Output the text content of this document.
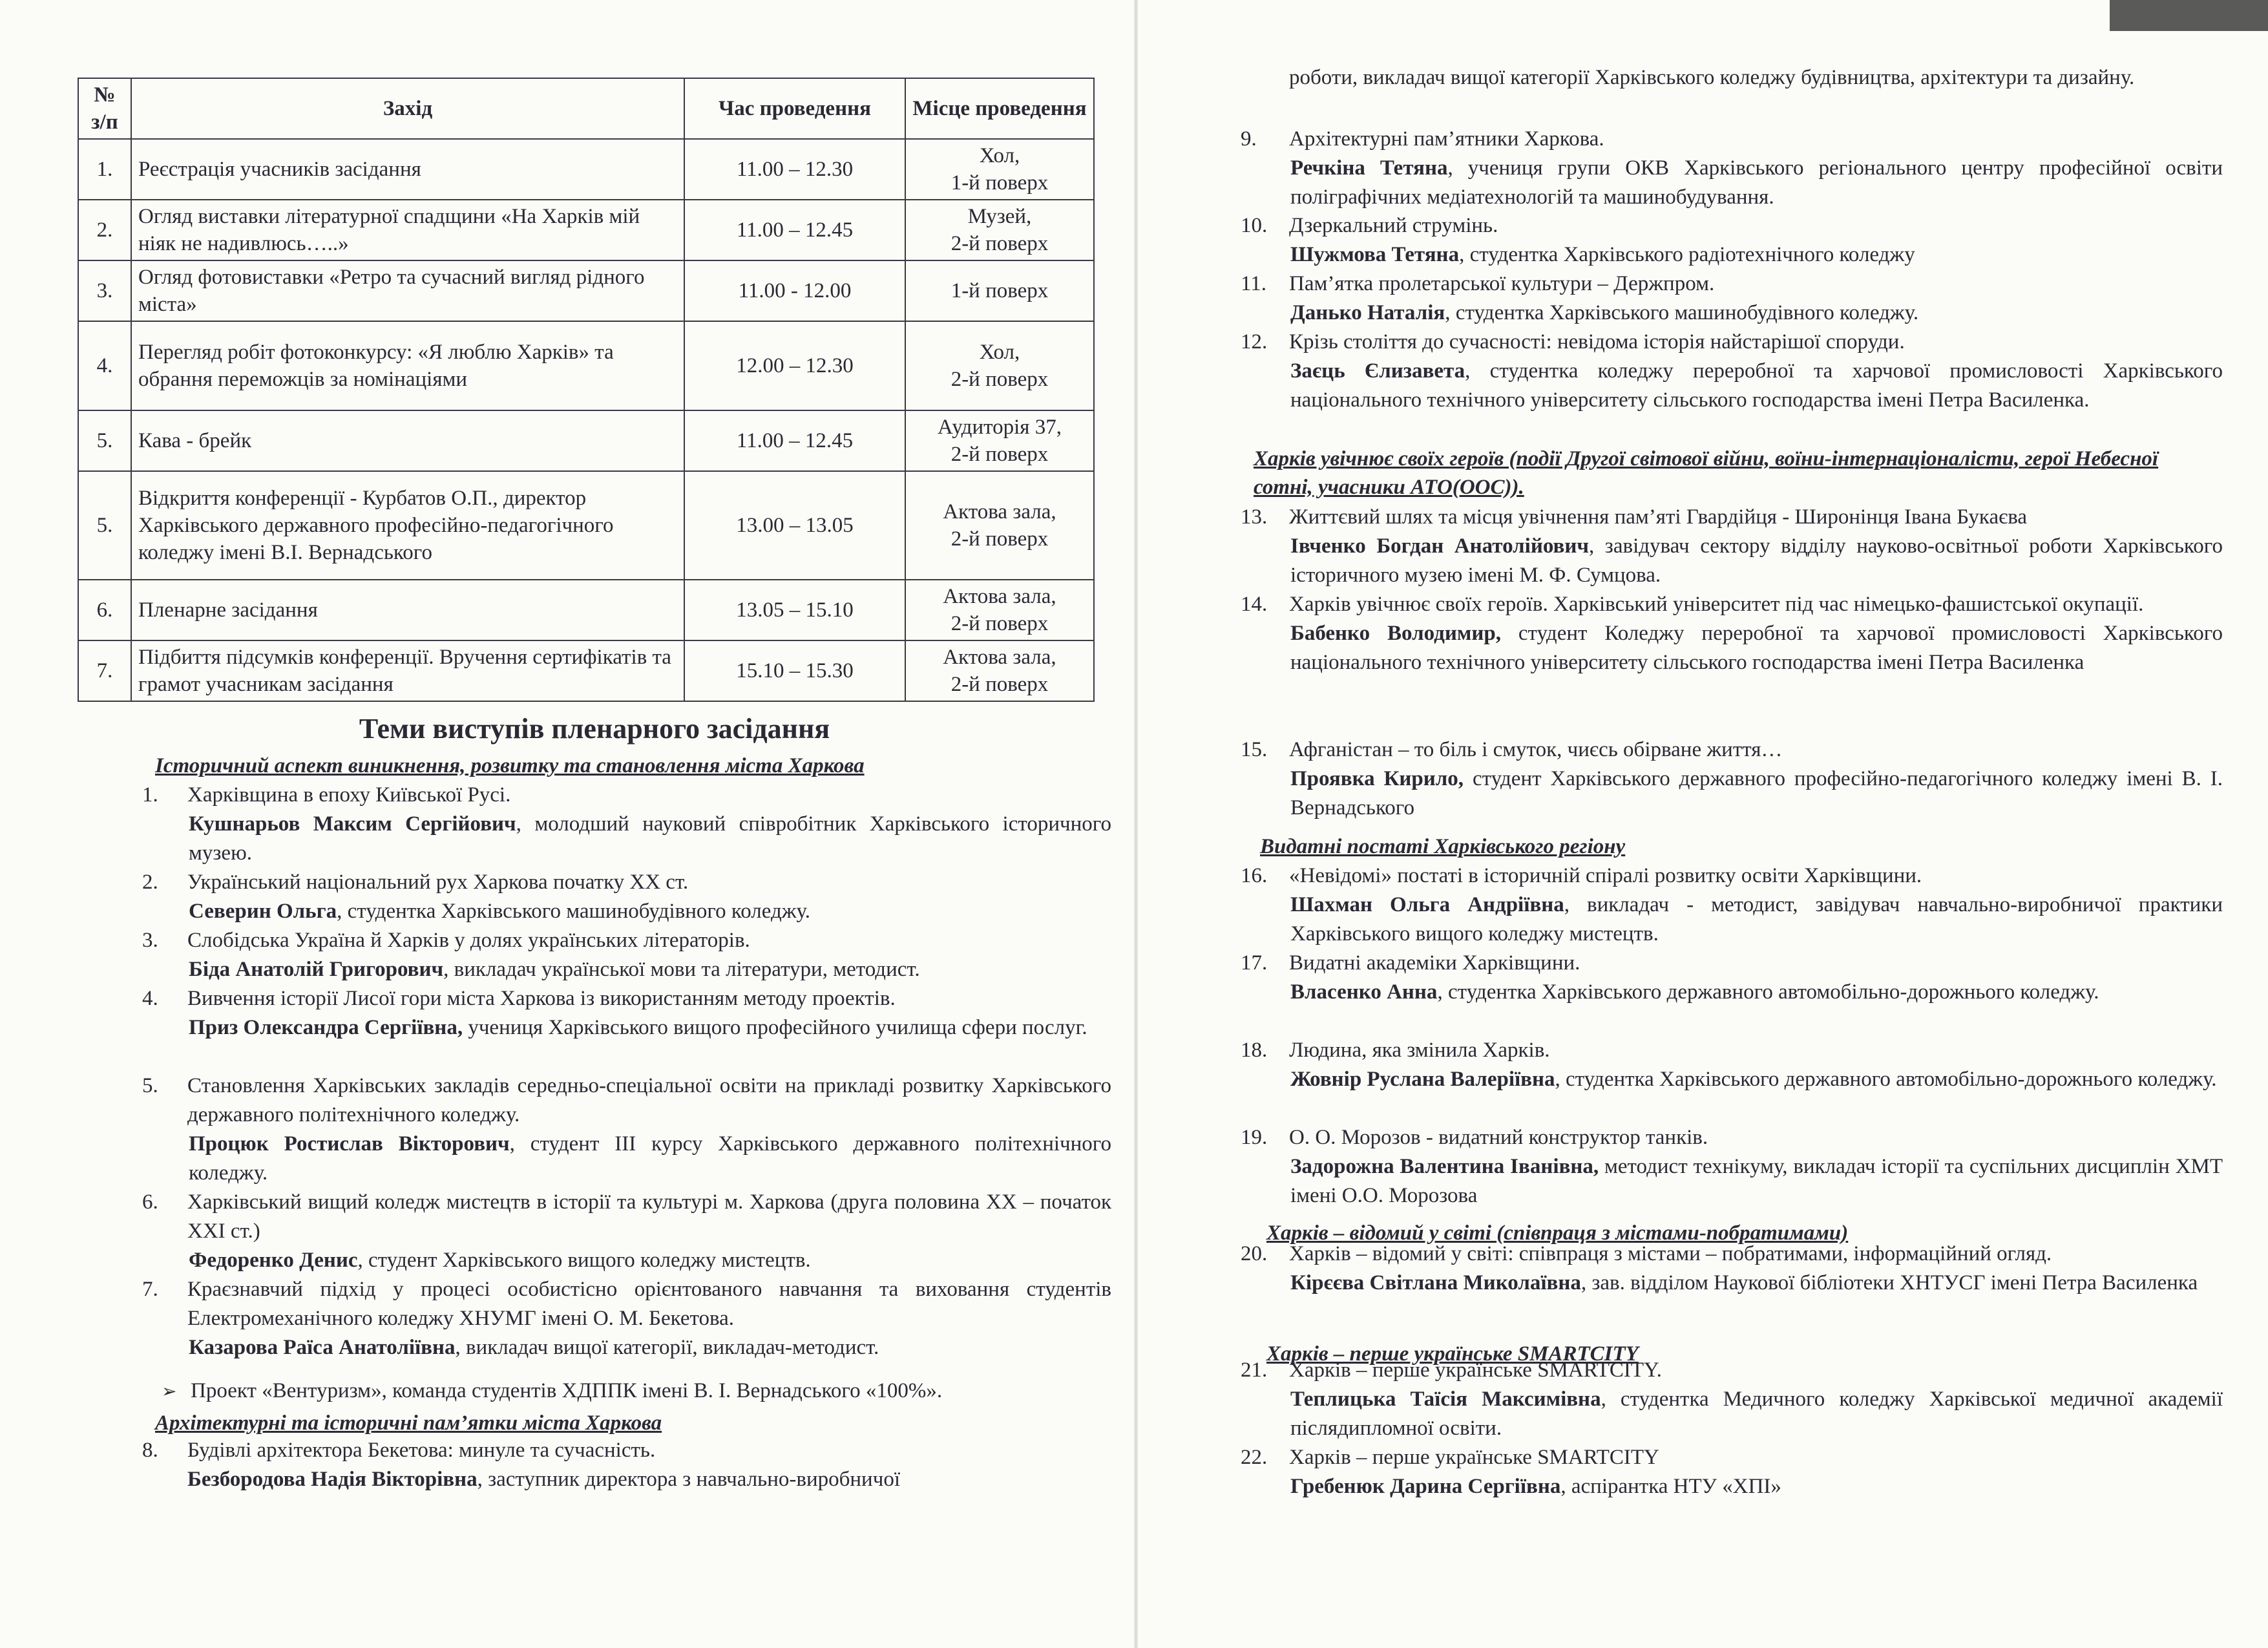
№ з/п	Захід	Час проведення	Місце проведення
1.	Реєстрація учасників засідання	11.00 – 12.30	Хол,
1-й поверх

2.	Огляд виставки літературної спадщини «На Харків мій ніяк не надивлюсь…..»	11.00 – 12.45	Музей,
2-й поверх

3.	Огляд фотовиставки «Ретро та сучасний вигляд рідного міста»	11.00 - 12.00	1-й поверх

4.	Перегляд робіт фотоконкурсу: «Я люблю Харків» та обрання переможців за номінаціями	12.00 – 12.30	Хол,
2-й поверх

5.	Кава - брейк	11.00 – 12.45	Аудиторія 37,
2-й поверх

5.	Відкриття конференції - Курбатов О.П., директор Харківського державного професійно-педагогічного коледжу імені В.І. Вернадського	13.00 – 13.05	Актова зала,
2-й поверх

6.	Пленарне засідання	13.05 – 15.10	Актова зала,
2-й поверх

7.	Підбиття підсумків конференції. Вручення сертифікатів та грамот учасникам засідання	15.10 – 15.30	Актова зала,
2-й поверх
Теми виступів пленарного засідання
Історичний аспект виникнення, розвитку та становлення міста Харкова
Архітектурні та історичні пам’ятки міста Харкова
1. Харківщина в епоху Київської Русі.
Кушнарьов Максим Сергійович, молодший науковий співробітник Харківського історичного музею.
2. Український національний рух Харкова початку ХХ ст.
Северин Ольга, студентка Харківського машинобудівного коледжу.
3. Слобідська Україна й Харків у долях українських літераторів.
Біда Анатолій Григорович, викладач української мови та літератури, методист.
4. Вивчення історії Лисої гори міста Харкова із використанням методу проектів.
Приз Олександра Сергіївна, учениця Харківського вищого професійного училища сфери послуг.
5. Становлення Харківських закладів середньо-спеціальної освіти на прикладі розвитку Харківського державного політехнічного коледжу.
Процюк Ростислав Вікторович, студент ІІІ курсу Харківського державного політехнічного коледжу.
6. Харківський вищий коледж мистецтв в історії та культурі м. Харкова (друга половина ХХ – початок ХХІ ст.)
Федоренко Денис, студент Харківського вищого коледжу мистецтв.
7. Краєзнавчий підхід у процесі особистісно орієнтованого навчання та виховання студентів Електромеханічного коледжу ХНУМГ імені О. М. Бекетова.
Казарова Раїса Анатоліївна, викладач вищої категорії, викладач-методист.
➢ Проект «Вентуризм», команда студентів ХДППК імені В. І. Вернадського «100%».
8. Будівлі архітектора Бекетова: минуле та сучасність.
Безбородова Надія Вікторівна, заступник директора з навчально-виробничої
Харків увічнює своїх героїв (події Другої світової війни, воїни-інтернаціоналісти, герої Небесної сотні, учасники АТО(ООС)).
Видатні постаті Харківського регіону
Харків – відомий у світі (співпраця з містами-побратимами)
Харків – перше українське SMARTCITY
роботи, викладач вищої категорії Харківського коледжу будівництва, архітектури та дизайну.
9. Архітектурні пам’ятники Харкова.
Речкіна Тетяна, учениця групи ОКВ Харківського регіонального центру професійної освіти поліграфічних медіатехнологій та машинобудування.
10. Дзеркальний струмінь.
Шужмова Тетяна, студентка Харківського радіотехнічного коледжу
11. Пам’ятка пролетарської культури – Держпром.
Данько Наталія, студентка Харківського машинобудівного коледжу.
12. Крізь століття до сучасності: невідома історія найстарішої споруди.
Заєць Єлизавета, студентка коледжу переробної та харчової промисловості Харківського національного технічного університету сільського господарства імені Петра Василенка.
13. Життєвий шлях та місця увічнення пам’яті Гвардійця - Широнінця Івана Букаєва
Івченко Богдан Анатолійович, завідувач сектору відділу науково-освітньої роботи Харківського історичного музею імені М. Ф. Сумцова.
14. Харків увічнює своїх героїв. Харківський університет під час німецько-фашистської окупації.
Бабенко Володимир, студент Коледжу переробної та харчової промисловості Харківського національного технічного університету сільського господарства імені Петра Василенка
15. Афганістан – то біль і смуток, чиєсь обірване життя…
Проявка Кирило, студент Харківського державного професійно-педагогічного коледжу імені В. І. Вернадського
16. «Невідомі» постаті в історичній спіралі розвитку освіти Харківщини.
Шахман Ольга Андріївна, викладач - методист, завідувач навчально-виробничої практики Харківського вищого коледжу мистецтв.
17. Видатні академіки Харківщини.
Власенко Анна, студентка Харківського державного автомобільно-дорожнього коледжу.
18. Людина, яка змінила Харків.
Жовнір Руслана Валеріївна, студентка Харківського державного автомобільно-дорожнього коледжу.
19. О. О. Морозов - видатний конструктор танків.
Задорожна Валентина Іванівна, методист технікуму, викладач історії та суспільних дисциплін ХМТ імені О.О. Морозова
20. Харків – відомий у світі: співпраця з містами – побратимами, інформаційний огляд.
Кірєєва Світлана Миколаївна, зав. відділом Наукової бібліотеки ХНТУСГ імені Петра Василенка
21. Харків – перше українське SMARTCITY.
Теплицька Таїсія Максимівна, студентка Медичного коледжу Харківської медичної академії післядипломної освіти.
22. Харків – перше українське SMARTCITY
Гребенюк Дарина Сергіївна, аспірантка НТУ «ХПІ»
